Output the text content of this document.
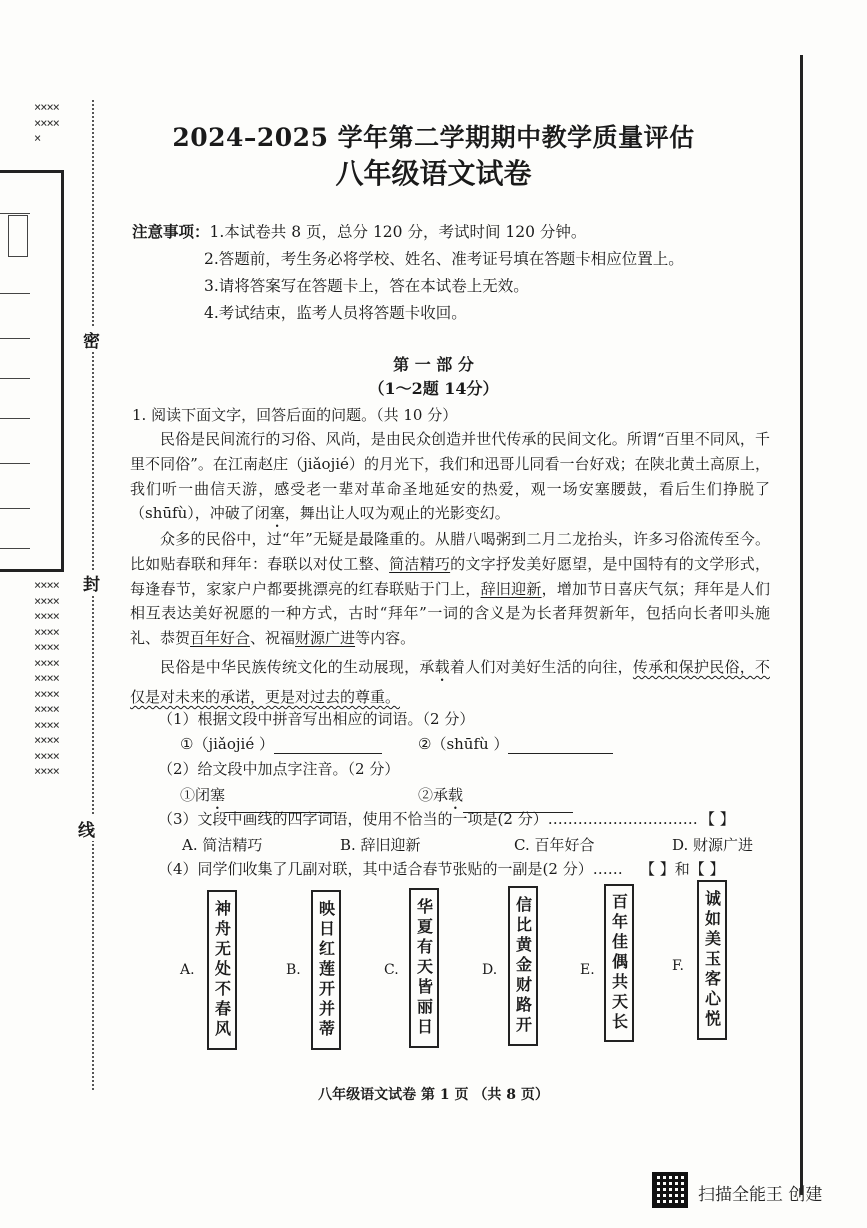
×××××××××
××××××××××××××××××××××××××××××××××××××××××××××××××××
密
封
线
2024–2025 学年第二学期期中教学质量评估
八年级语文试卷
注意事项：1.本试卷共 8 页，总分 120 分，考试时间 120 分钟。
2.答题前，考生务必将学校、姓名、准考证号填在答题卡相应位置上。
3.请将答案写在答题卡上，答在本试卷上无效。
4.考试结束，监考人员将答题卡收回。
第 一 部 分
（1～2题 14分）
1. 阅读下面文字，回答后面的问题。（共 10 分）
民俗是民间流行的习俗、风尚，是由民众创造并世代传承的民间文化。所谓“百里不同风，千里不同俗”。在江南赵庄（jiǎojié）的月光下，我们和迅哥儿同看一台好戏；在陕北黄土高原上，我们听一曲信天游，感受老一辈对革命圣地延安的热爱，观一场安塞腰鼓，看后生们挣脱了（shūfù），冲破了闭塞，舞出让人叹为观止的光影变幻。
众多的民俗中，过“年”无疑是最隆重的。从腊八喝粥到二月二龙抬头，许多习俗流传至今。比如贴春联和拜年：春联以对仗工整、简洁精巧的文字抒发美好愿望，是中国特有的文学形式，每逢春节，家家户户都要挑漂亮的红春联贴于门上，辞旧迎新，增加节日喜庆气氛；拜年是人们相互表达美好祝愿的一种方式，古时“拜年”一词的含义是为长者拜贺新年，包括向长者叩头施礼、恭贺百年好合、祝福财源广进等内容。
民俗是中华民族传统文化的生动展现，承载着人们对美好生活的向往，传承和保护民俗，不仅是对未来的承诺，更是对过去的尊重。
（1）根据文段中拼音写出相应的词语。（2 分）
①（jiǎojié ）	②（shūfù ）
（2）给文段中加点字注音。（2 分）
①闭塞	②承载
（3）文段中画线的四字词语，使用不恰当的一项是(2 分）………………………… 【 】
A. 简洁精巧	B. 辞旧迎新	C. 百年好合	D. 财源广进
（4）同学们收集了几副对联，其中适合春节张贴的一副是(2 分）…… 【 】和【 】
A.	神舟无处不春风	B. 映日红莲开并蒂	C. 华夏有天皆丽日	D.	信比黄金财路开	E. 百年佳偶共天长	F.	诚如美玉客心悦
八年级语文试卷 第 1 页 （共 8 页）
扫描全能王 创建
